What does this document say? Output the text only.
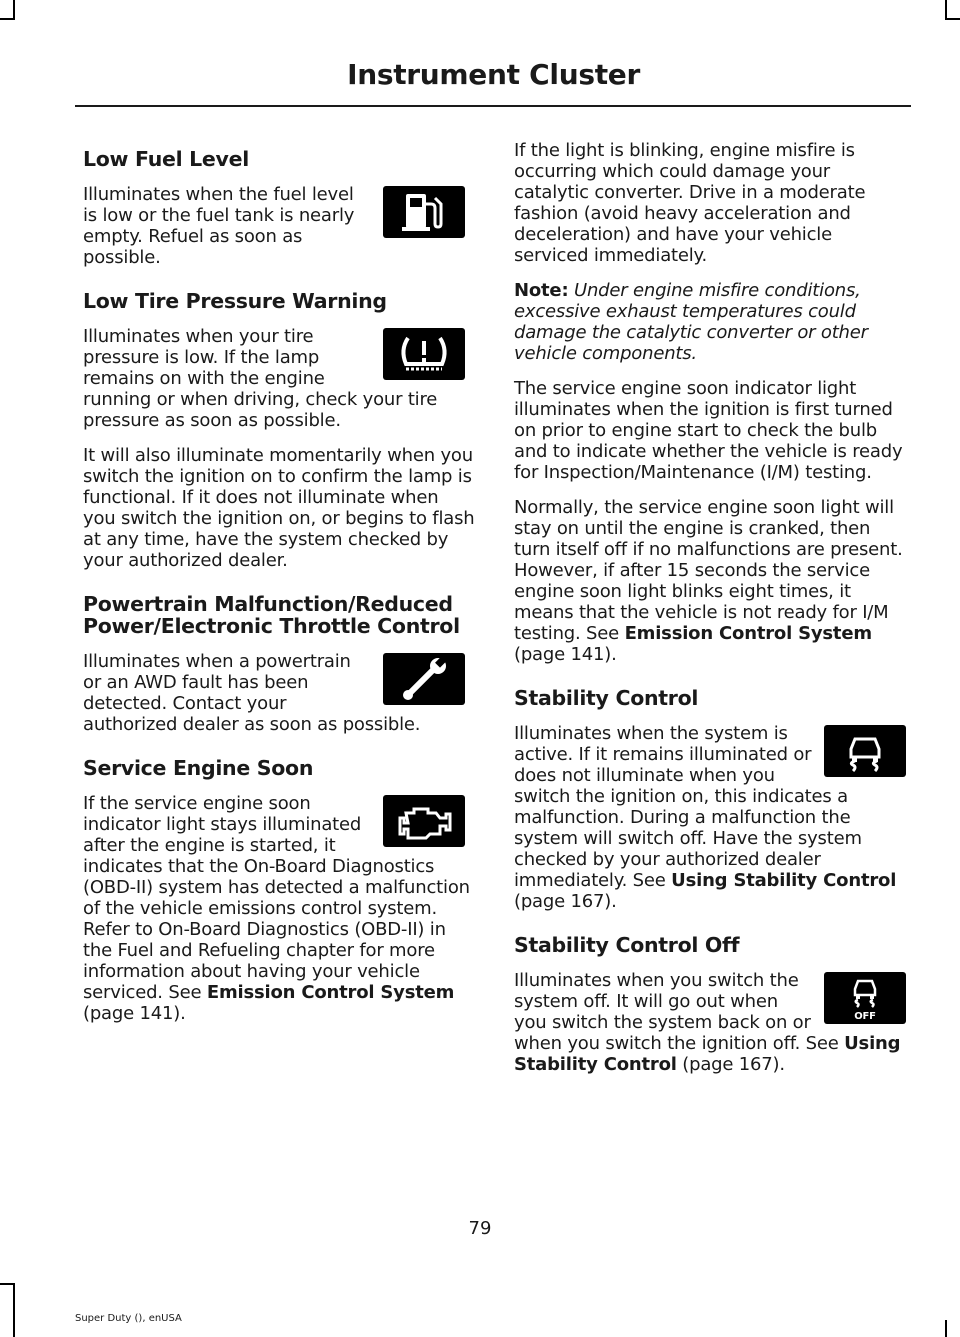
Instrument Cluster
Low Fuel Level

Illuminates when the fuel level is low or the fuel tank is nearly empty. Refuel as soon as possible.

Low Tire Pressure Warning

Illuminates when your tire pressure is low. If the lamp remains on with the engine running or when driving, check your tire pressure as soon as possible.

It will also illuminate momentarily when you switch the ignition on to confirm the lamp is functional. If it does not illuminate when you switch the ignition on, or begins to flash at any time, have the system checked by your authorized dealer.

Powertrain Malfunction/Reduced Power/Electronic Throttle Control

Illuminates when a powertrain or an AWD fault has been detected. Contact your authorized dealer as soon as possible.

Service Engine Soon

If the service engine soon indicator light stays illuminated after the engine is started, it indicates that the On-Board Diagnostics (OBD-II) system has detected a malfunction of the vehicle emissions control system. Refer to On-Board Diagnostics (OBD-II) in the Fuel and Refueling chapter for more information about having your vehicle serviced. See Emission Control System (page 141).

If the light is blinking, engine misfire is occurring which could damage your catalytic converter. Drive in a moderate fashion (avoid heavy acceleration and deceleration) and have your vehicle serviced immediately.

Note: Under engine misfire conditions, excessive exhaust temperatures could damage the catalytic converter or other vehicle components.

The service engine soon indicator light illuminates when the ignition is first turned on prior to engine start to check the bulb and to indicate whether the vehicle is ready for Inspection/Maintenance (I/M) testing.

Normally, the service engine soon light will stay on until the engine is cranked, then turn itself off if no malfunctions are present. However, if after 15 seconds the service engine soon light blinks eight times, it means that the vehicle is not ready for I/M testing. See Emission Control System (page 141).

Stability Control

Illuminates when the system is active. If it remains illuminated or does not illuminate when you switch the ignition on, this indicates a malfunction. During a malfunction the system will switch off. Have the system checked by your authorized dealer immediately. See Using Stability Control (page 167).

Stability Control Off
OFF

Illuminates when you switch the system off. It will go out when you switch the system back on or when you switch the ignition off. See Using Stability Control (page 167).

79
Super Duty (), enUSA
